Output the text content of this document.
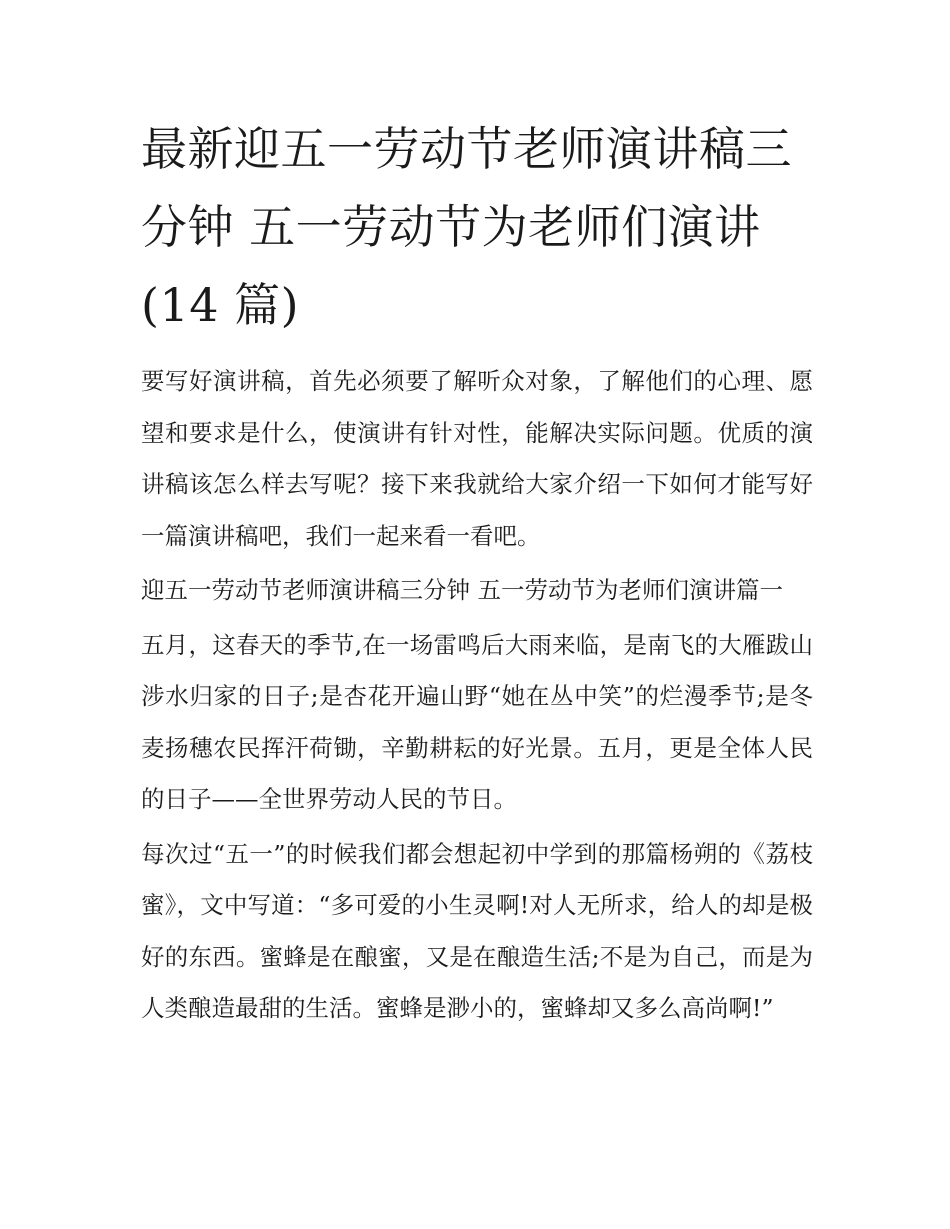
最新迎五一劳动节老师演讲稿三分钟 五一劳动节为老师们演讲(14 篇)

要写好演讲稿，首先必须要了解听众对象，了解他们的心理、愿望和要求是什么，使演讲有针对性，能解决实际问题。优质的演讲稿该怎么样去写呢？接下来我就给大家介绍一下如何才能写好一篇演讲稿吧，我们一起来看一看吧。

迎五一劳动节老师演讲稿三分钟 五一劳动节为老师们演讲篇一

五月，这春天的季节,在一场雷鸣后大雨来临，是南飞的大雁跋山涉水归家的日子;是杏花开遍山野“她在丛中笑”的烂漫季节;是冬麦扬穗农民挥汗荷锄，辛勤耕耘的好光景。五月，更是全体人民的日子——全世界劳动人民的节日。

每次过“五一”的时候我们都会想起初中学到的那篇杨朔的《荔枝蜜》，文中写道：“多可爱的小生灵啊!对人无所求，给人的却是极好的东西。蜜蜂是在酿蜜，又是在酿造生活;不是为自己，而是为人类酿造最甜的生活。蜜蜂是渺小的，蜜蜂却又多么高尚啊!”
